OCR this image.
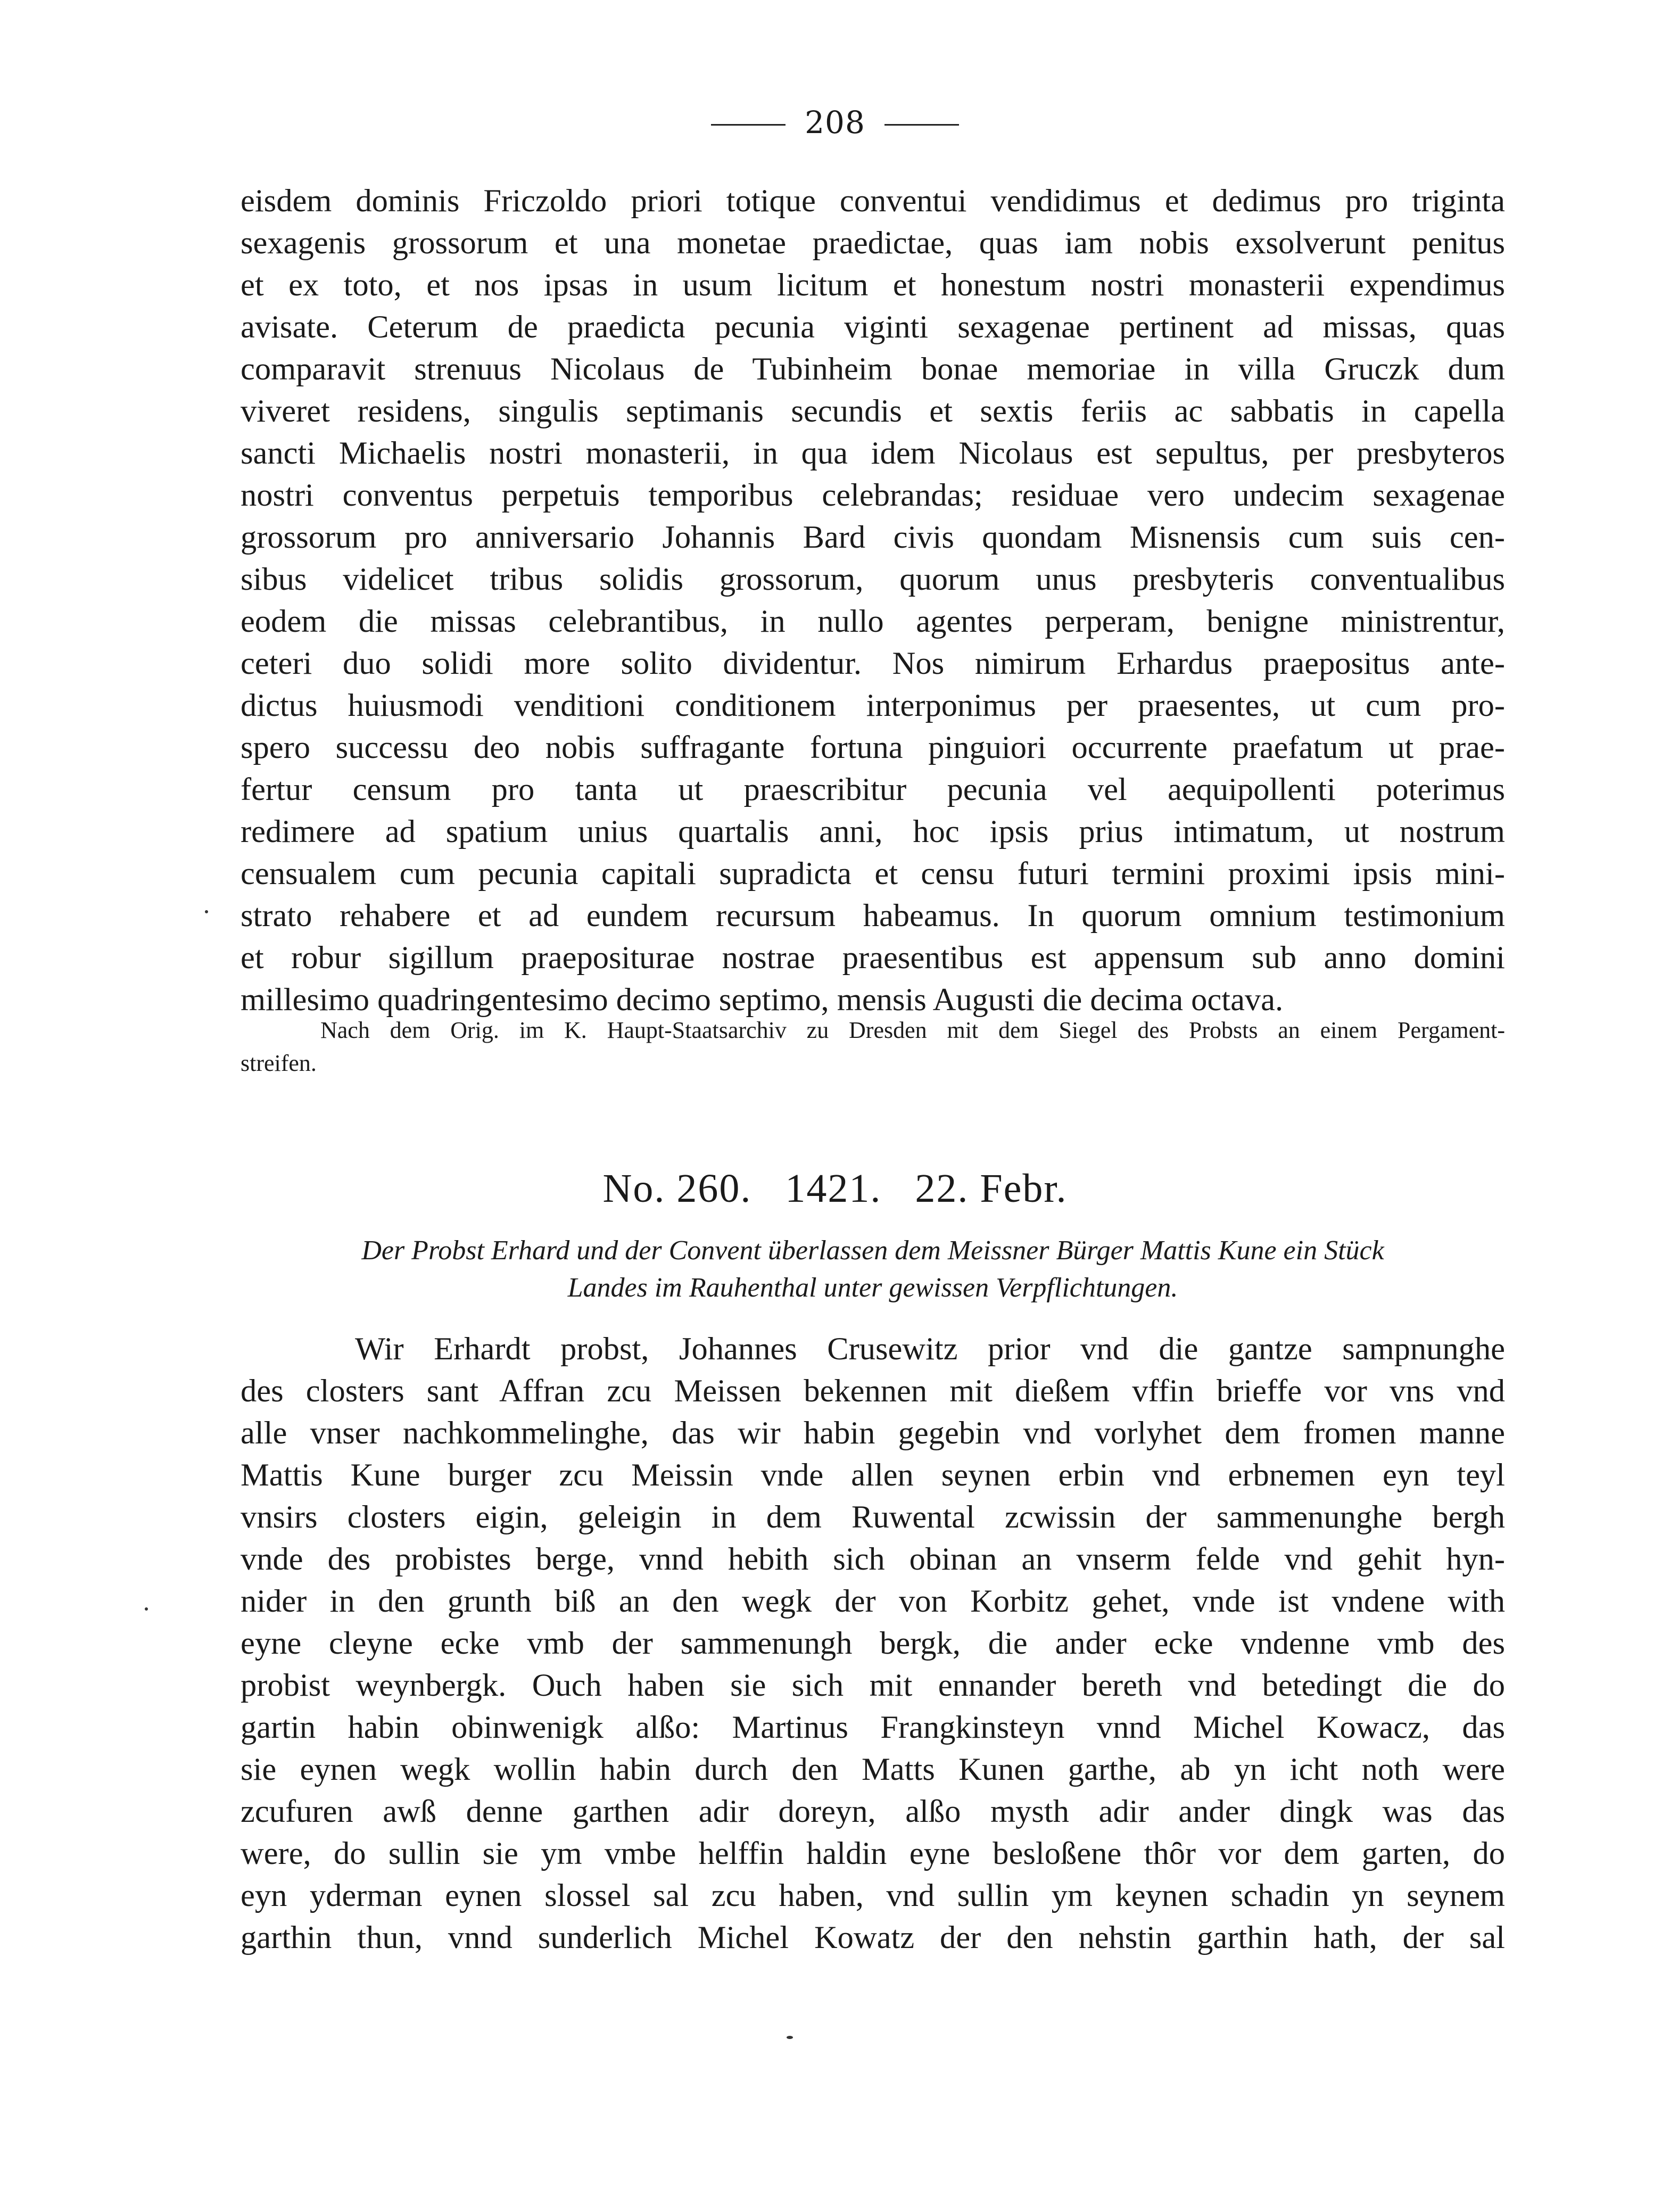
208
eisdem dominis Friczoldo priori totique conventui vendidimus et dedimus pro triginta
sexagenis grossorum et una monetae praedictae, quas iam nobis exsolverunt penitus
et ex toto, et nos ipsas in usum licitum et honestum nostri monasterii expendimus
avisate. Ceterum de praedicta pecunia viginti sexagenae pertinent ad missas, quas
comparavit strenuus Nicolaus de Tubinheim bonae memoriae in villa Gruczk dum
viveret residens, singulis septimanis secundis et sextis feriis ac sabbatis in capella
sancti Michaelis nostri monasterii, in qua idem Nicolaus est sepultus, per presbyteros
nostri conventus perpetuis temporibus celebrandas; residuae vero undecim sexagenae
grossorum pro anniversario Johannis Bard civis quondam Misnensis cum suis cen-
sibus videlicet tribus solidis grossorum, quorum unus presbyteris conventualibus
eodem die missas celebrantibus, in nullo agentes perperam, benigne ministrentur,
ceteri duo solidi more solito dividentur. Nos nimirum Erhardus praepositus ante-
dictus huiusmodi venditioni conditionem interponimus per praesentes, ut cum pro-
spero successu deo nobis suffragante fortuna pinguiori occurrente praefatum ut prae-
fertur censum pro tanta ut praescribitur pecunia vel aequipollenti poterimus
redimere ad spatium unius quartalis anni, hoc ipsis prius intimatum, ut nostrum
censualem cum pecunia capitali supradicta et censu futuri termini proximi ipsis mini-
strato rehabere et ad eundem recursum habeamus. In quorum omnium testimonium
et robur sigillum praepositurae nostrae praesentibus est appensum sub anno domini
millesimo quadringentesimo decimo septimo, mensis Augusti die decima octava.
Nach dem Orig. im K. Haupt-Staatsarchiv zu Dresden mit dem Siegel des Probsts an einem Pergament-
streifen.
No. 260.   1421.   22. Febr.
Der Probst Erhard und der Convent überlassen dem Meissner Bürger Mattis Kune ein Stück
Landes im Rauhenthal unter gewissen Verpflichtungen.
Wir Erhardt probst, Johannes Crusewitz prior vnd die gantze sampnunghe
des closters sant Affran zcu Meissen bekennen mit dießem vffin brieffe vor vns vnd
alle vnser nachkommelinghe, das wir habin gegebin vnd vorlyhet dem fromen manne
Mattis Kune burger zcu Meissin vnde allen seynen erbin vnd erbnemen eyn teyl
vnsirs closters eigin, geleigin in dem Ruwental zcwissin der sammenunghe bergh
vnde des probistes berge, vnnd hebith sich obinan an vnserm felde vnd gehit hyn-
nider in den grunth biß an den wegk der von Korbitz gehet, vnde ist vndene with
eyne cleyne ecke vmb der sammenungh bergk, die ander ecke vndenne vmb des
probist weynbergk. Ouch haben sie sich mit ennander bereth vnd betedingt die do
gartin habin obinwenigk alßo: Martinus Frangkinsteyn vnnd Michel Kowacz, das
sie eynen wegk wollin habin durch den Matts Kunen garthe, ab yn icht noth were
zcufuren awß denne garthen adir doreyn, alßo mysth adir ander dingk was das
were, do sullin sie ym vmbe helffin haldin eyne beslоßene thȏr vor dem garten, do
eyn yderman eynen slossel sal zcu haben, vnd sullin ym keynen schadin yn seynem
garthin thun, vnnd sunderlich Michel Kowatz der den nehstin garthin hath, der sal
